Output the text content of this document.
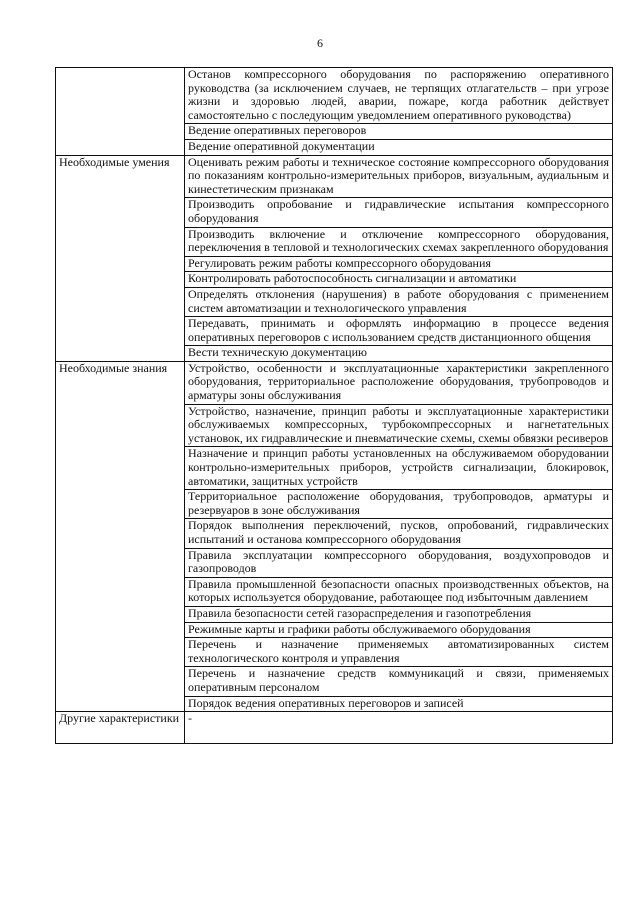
6
	Останов компрессорного оборудования по распоряжению оперативного руководства (за исключением случаев, не терпящих отлагательств – при угрозе жизни и здоровью людей, аварии, пожаре, когда работник действует самостоятельно с последующим уведомлением оперативного руководства)
	Ведение оперативных переговоров
	Ведение оперативной документации
Необходимые умения	Оценивать режим работы и техническое состояние компрессорного оборудования по показаниям контрольно-измерительных приборов, визуальным, аудиальным и кинестетическим признакам
	Производить опробование и гидравлические испытания компрессорного оборудования
	Производить включение и отключение компрессорного оборудования, переключения в тепловой и технологических схемах закрепленного оборудования
	Регулировать режим работы компрессорного оборудования
	Контролировать работоспособность сигнализации и автоматики
	Определять отклонения (нарушения) в работе оборудования с применением систем автоматизации и технологического управления
	Передавать, принимать и оформлять информацию в процессе ведения оперативных переговоров с использованием средств дистанционного общения
	Вести техническую документацию
Необходимые знания	Устройство, особенности и эксплуатационные характеристики закрепленного оборудования, территориальное расположение оборудования, трубопроводов и арматуры зоны обслуживания
	Устройство, назначение, принцип работы и эксплуатационные характеристики обслуживаемых компрессорных, турбокомпрессорных и нагнетательных установок, их гидравлические и пневматические схемы, схемы обвязки ресиверов
	Назначение и принцип работы установленных на обслуживаемом оборудовании контрольно-измерительных приборов, устройств сигнализации, блокировок, автоматики, защитных устройств
	Территориальное расположение оборудования, трубопроводов, арматуры и резервуаров в зоне обслуживания
	Порядок выполнения переключений, пусков, опробований, гидравлических испытаний и останова компрессорного оборудования
	Правила эксплуатации компрессорного оборудования, воздухопроводов и газопроводов
	Правила промышленной безопасности опасных производственных объектов, на которых используется оборудование, работающее под избыточным давлением
	Правила безопасности сетей газораспределения и газопотребления
	Режимные карты и графики работы обслуживаемого оборудования
	Перечень и назначение применяемых автоматизированных систем технологического контроля и управления
	Перечень и назначение средств коммуникаций и связи, применяемых оперативным персоналом
	Порядок ведения оперативных переговоров и записей
Другие характеристики	-
